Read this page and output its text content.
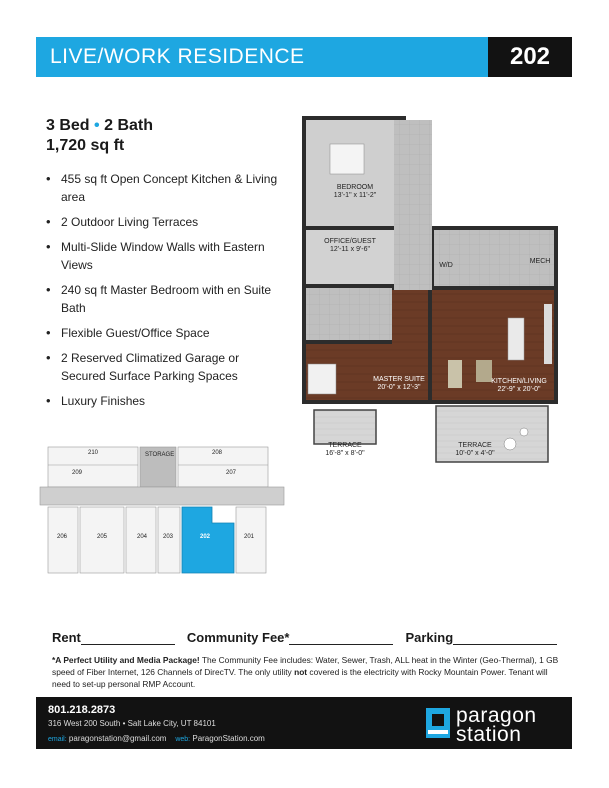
LIVE/WORK RESIDENCE	202
3 Bed • 2 Bath
1,720 sq ft
• 455 sq ft Open Concept Kitchen & Living area
• 2 Outdoor Living Terraces
• Multi-Slide Window Walls with Eastern Views
• 240 sq ft Master Bedroom with en Suite Bath
• Flexible Guest/Office Space
• 2 Reserved Climatized Garage or Secured Surface Parking Spaces
• Luxury Finishes
BEDROOM
13'-1" x 11'-2"
OFFICE/GUEST
12'-11 x 9'-6"
W/D
MECH
MASTER SUITE
20'-0" x 12'-3"
KITCHEN/LIVING
22'-9" x 20'-0"
TERRACE
16'-8" x 8'-0"
TERRACE
10'-0" x 4'-0"
210
209
STORAGE	208
207
206	205	204	203	202	201
Rent	Community Fee*	Parking
*A Perfect Utility and Media Package! The Community Fee includes: Water, Sewer, Trash, ALL heat in the Winter (Geo-Thermal), 1 GB speed of Fiber Internet, 126 Channels of DirecTV. The only utility not covered is the electricity with Rocky Mountain Power. Tenant will need to set-up personal RMP Account.
801.218.2873
316 West 200 South • Salt Lake City, UT 84101
email: paragonstation@gmail.com web: ParagonStation.com
paragon
station
